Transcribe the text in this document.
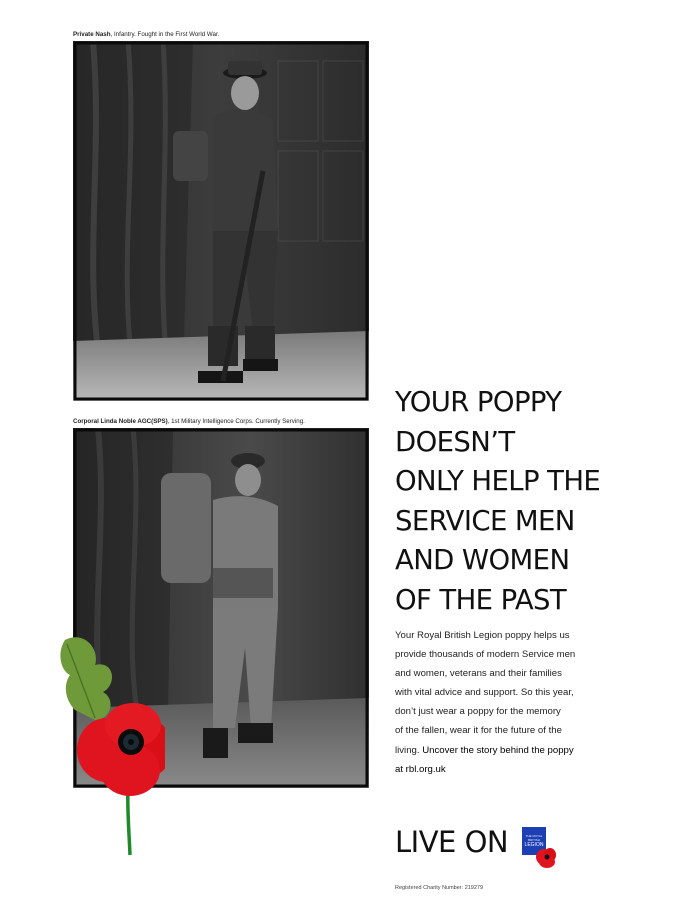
Private Nash, Infantry. Fought in the First World War.
Corporal Linda Noble AGC(SPS), 1st Military Intelligence Corps. Currently Serving.
YOUR POPPY
DOESN’T
ONLY HELP THE
SERVICE MEN
AND WOMEN
OF THE PAST
Your Royal British Legion poppy helps us
provide thousands of modern Service men
and women, veterans and their families
with vital advice and support. So this year,
don’t just wear a poppy for the memory
of the fallen, wear it for the future of the
living. Uncover the story behind the poppy
at rbl.org.uk
LIVE ON	THE ROYAL BRITISH
LEGION
Registered Charity Number: 219279
